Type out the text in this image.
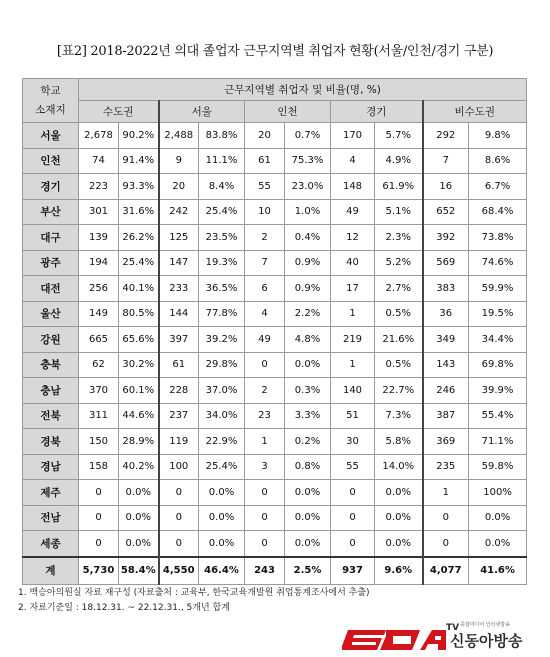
[표2] 2018-2022년 의대 졸업자 근무지역별 취업자 현황(서울/인천/경기 구분)
학교
소재지	근무지역별 취업자 및 비율(명, %)									
	수도권		서울		인천		경기		비수도권	
서울	2,678	90.2%	2,488	83.8%	20	0.7%	170	5.7%	292	9.8%
인천	74	91.4%	9	11.1%	61	75.3%	4	4.9%	7	8.6%
경기	223	93.3%	20	8.4%	55	23.0%	148	61.9%	16	6.7%
부산	301	31.6%	242	25.4%	10	1.0%	49	5.1%	652	68.4%
대구	139	26.2%	125	23.5%	2	0.4%	12	2.3%	392	73.8%
광주	194	25.4%	147	19.3%	7	0.9%	40	5.2%	569	74.6%
대전	256	40.1%	233	36.5%	6	0.9%	17	2.7%	383	59.9%
울산	149	80.5%	144	77.8%	4	2.2%	1	0.5%	36	19.5%
강원	665	65.6%	397	39.2%	49	4.8%	219	21.6%	349	34.4%
충북	62	30.2%	61	29.8%	0	0.0%	1	0.5%	143	69.8%
충남	370	60.1%	228	37.0%	2	0.3%	140	22.7%	246	39.9%
전북	311	44.6%	237	34.0%	23	3.3%	51	7.3%	387	55.4%
경북	150	28.9%	119	22.9%	1	0.2%	30	5.8%	369	71.1%
경남	158	40.2%	100	25.4%	3	0.8%	55	14.0%	235	59.8%
제주	0	0.0%	0	0.0%	0	0.0%	0	0.0%	1	100%
전남	0	0.0%	0	0.0%	0	0.0%	0	0.0%	0	0.0%
세종	0	0.0%	0	0.0%	0	0.0%	0	0.0%	0	0.0%
계	5,730	58.4%	4,550	46.4%	243	2.5%	937	9.6%	4,077	41.6%
1. 백승아의원실 자료 재구성 (자료출처 : 교육부, 한국교육개발원 취업통계조사에서 추출)
2. 자료기준일 : 18.12.31. ~ 22.12.31., 5개년 합계
TV 종합미디어 인터넷방송
신동아방송
